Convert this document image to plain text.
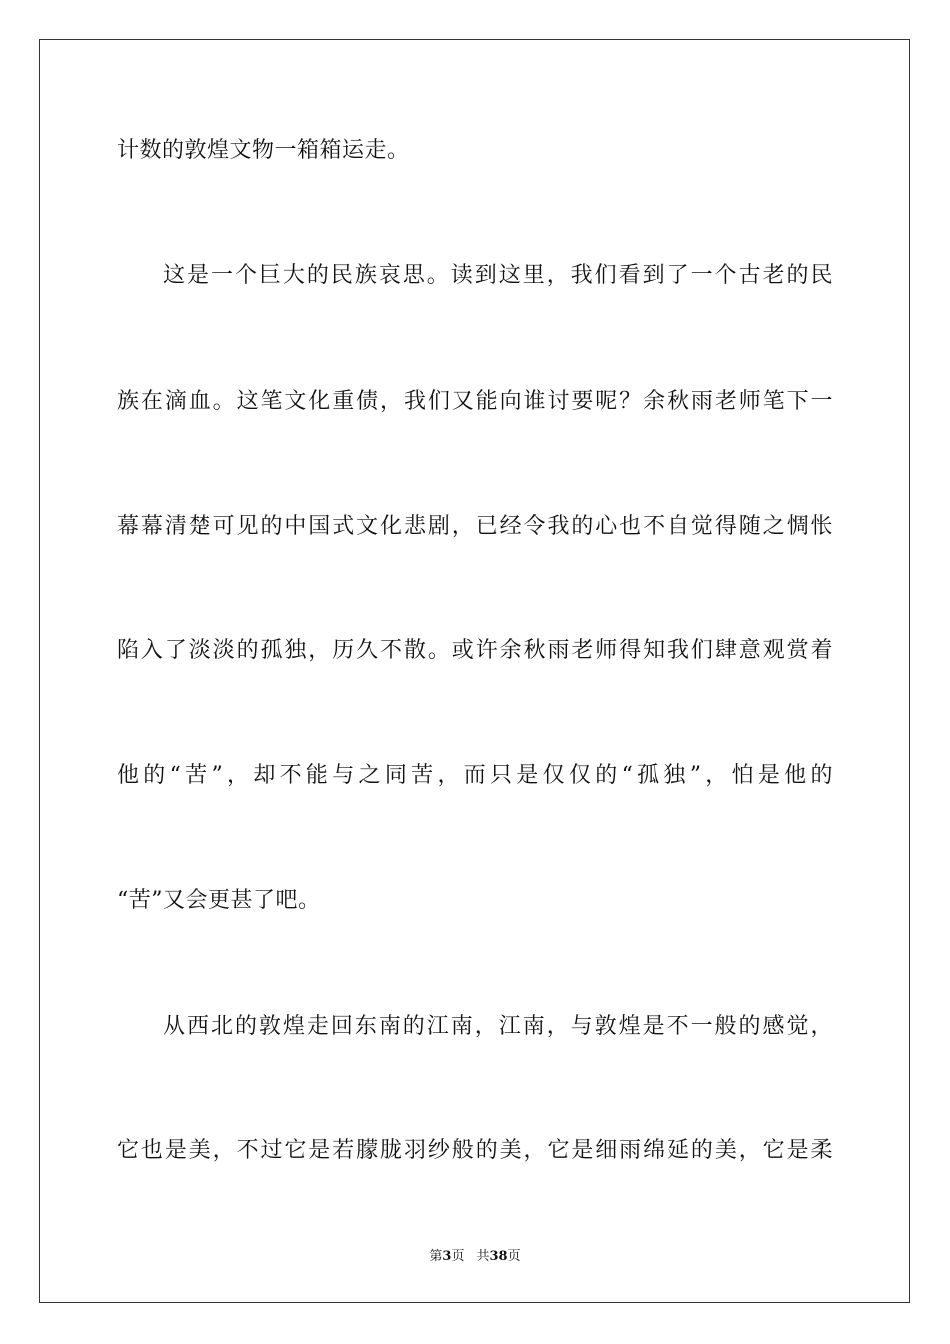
计数的敦煌文物一箱箱运走。
这是一个巨大的民族哀思。读到这里，我们看到了一个古老的民
族在滴血。这笔文化重债，我们又能向谁讨要呢？余秋雨老师笔下一
幕幕清楚可见的中国式文化悲剧，已经令我的心也不自觉得随之惆怅
陷入了淡淡的孤独，历久不散。或许余秋雨老师得知我们肆意观赏着
他的“苦”，却不能与之同苦，而只是仅仅的“孤独”，怕是他的
“苦”又会更甚了吧。
从西北的敦煌走回东南的江南，江南，与敦煌是不一般的感觉，
它也是美，不过它是若朦胧羽纱般的美，它是细雨绵延的美，它是柔
第3页 共38页
